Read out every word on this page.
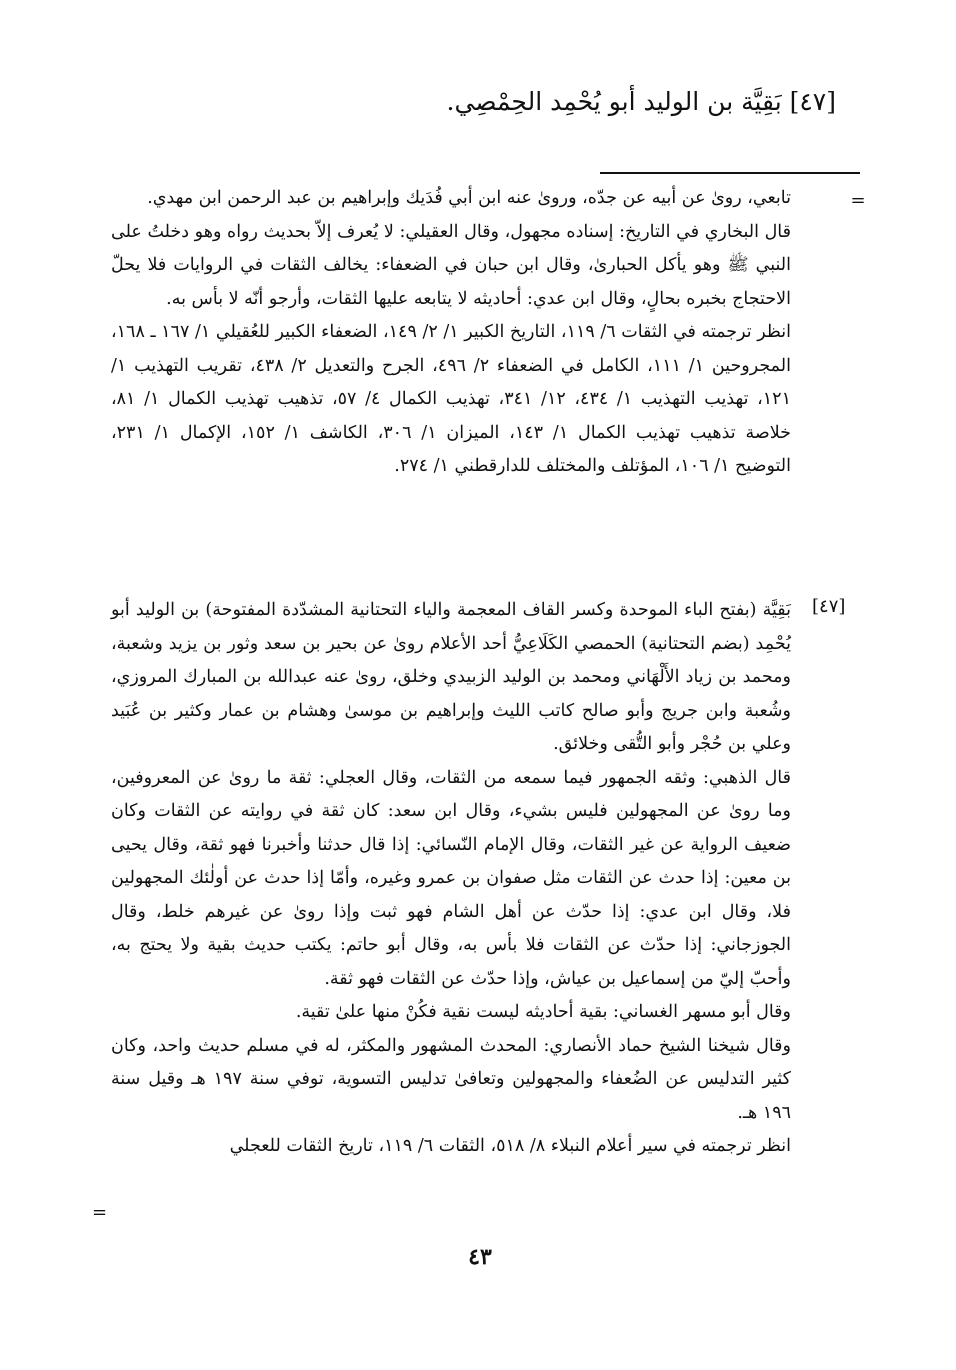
[٤٧] بَقِيَّة بن الوليد أبو يُحْمِد الحِمْصِي.
=

تابعي، روىٰ عن أبيه عن جدّه، ورویٰ عنه ابن أبي فُدَيك وإبراهيم بن عبد الرحمن ابن مهدي.

قال البخاري في التاريخ: إسناده مجهول، وقال العقيلي: لا يُعرف إلاّ بحديث رواه وهو دخلتُ على النبي ﷺ وهو يأكل الحباریٰ، وقال ابن حبان في الضعفاء: يخالف الثقات في الروايات فلا يحلّ الاحتجاج بخبره بحالٍ، وقال ابن عدي: أحاديثه لا يتابعه عليها الثقات، وأرجو أنّه لا بأس به.

انظر ترجمته في الثقات ٦/ ١١٩، التاريخ الكبير ١/ ٢/ ١٤٩، الضعفاء الكبير للعُقيلي ١/ ١٦٧ ـ ١٦٨، المجروحين ١/ ١١١، الكامل في الضعفاء ٢/ ٤٩٦، الجرح والتعديل ٢/ ٤٣٨، تقريب التهذيب ١/ ١٢١، تهذيب التهذيب ١/ ٤٣٤، ١٢/ ٣٤١، تهذيب الكمال ٤/ ٥٧، تذهيب تهذيب الكمال ١/ ٨١، خلاصة تذهيب تهذيب الكمال ١/ ١٤٣، الميزان ١/ ٣٠٦، الكاشف ١/ ١٥٢، الإكمال ١/ ٢٣١، التوضيح ١/ ١٠٦، المؤتلف والمختلف للدارقطني ١/ ٢٧٤.

[٤٧]

بَقِيَّة (بفتح الباء الموحدة وكسر القاف المعجمة والياء التحتانية المشدّدة المفتوحة) بن الوليد أبو يُحْمِد (بضم التحتانية) الحمصي الكَلَاعِيُّ أحد الأعلام روىٰ عن بحير بن سعد وثور بن يزيد وشعبة، ومحمد بن زياد الأَلْهَاني ومحمد بن الوليد الزبيدي وخلق، روىٰ عنه عبدالله بن المبارك المروزي، وشُعبة وابن جريج وأبو صالح كاتب الليث وإبراهيم بن موسىٰ وهشام بن عمار وكثير بن عُبَيد وعلي بن حُجْر وأبو التُّقى وخلائق.

قال الذهبي: وثقه الجمهور فيما سمعه من الثقات، وقال العجلي: ثقة ما روىٰ عن المعروفين، وما روىٰ عن المجهولين فليس بشيء، وقال ابن سعد: كان ثقة في روايته عن الثقات وكان ضعيف الرواية عن غير الثقات، وقال الإمام النّسائي: إذا قال حدثنا وأخبرنا فهو ثقة، وقال يحيى بن معين: إذا حدث عن الثقات مثل صفوان بن عمرو وغيره، وأمّا إذا حدث عن أولٰئك المجهولين فلا، وقال ابن عدي: إذا حدّث عن أهل الشام فهو ثبت وإذا روىٰ عن غيرهم خلط، وقال الجوزجاني: إذا حدّث عن الثقات فلا بأس به، وقال أبو حاتم: يكتب حديث بقية ولا يحتج به، وأحبّ إليّ من إسماعيل بن عياش، وإذا حدّث عن الثقات فهو ثقة.

وقال أبو مسهر الغساني: بقية أحاديثه ليست نقية فكُنْ منها علىٰ تقية.

وقال شيخنا الشيخ حماد الأنصاري: المحدث المشهور والمكثر، له في مسلم حديث واحد، وكان كثير التدليس عن الضُعفاء والمجهولين وتعافىٰ تدليس التسوية، توفي سنة ١٩٧ هـ وقيل سنة ١٩٦ هـ.

انظر ترجمته في سير أعلام النبلاء ٨/ ٥١٨، الثقات ٦/ ١١٩، تاريخ الثقات للعجلي

=
٤٣
